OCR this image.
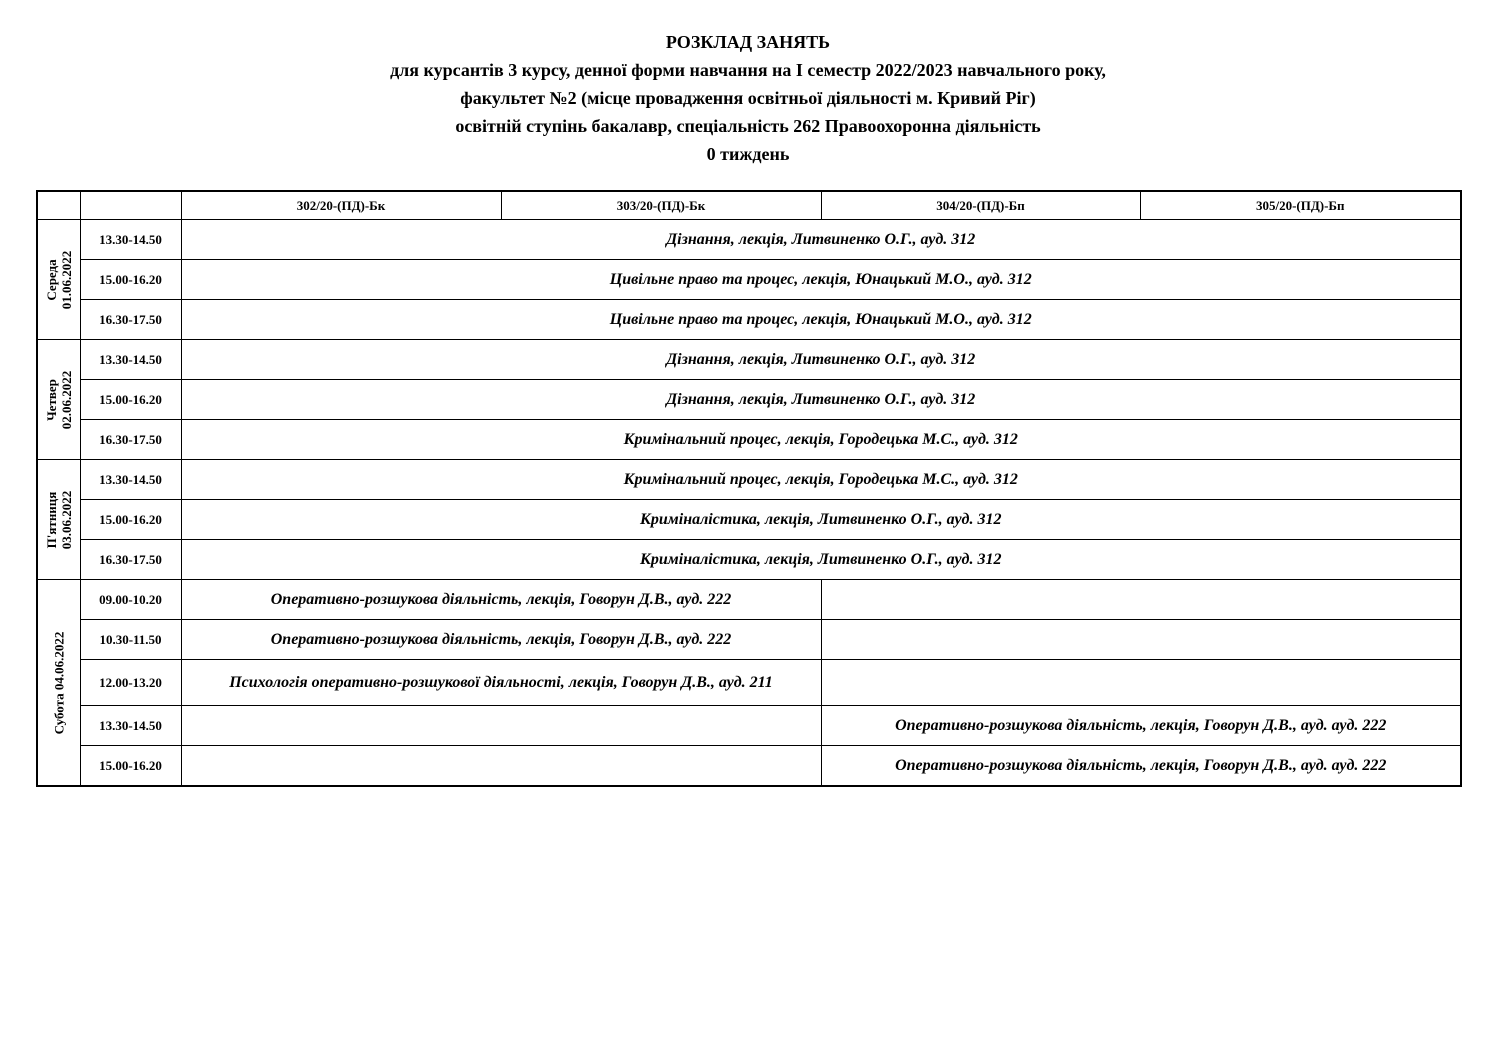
РОЗКЛАД ЗАНЯТЬ
для курсантів 3 курсу, денної форми навчання на І семестр 2022/2023 навчального року,
факультет №2 (місце провадження освітньої діяльності м. Кривий Ріг)
освітній ступінь бакалавр, спеціальність 262 Правоохоронна діяльність
0 тиждень
		302/20-(ПД)-Бк	303/20-(ПД)-Бк	304/20-(ПД)-Бп	305/20-(ПД)-Бп

Середа 01.06.2022	13.30-14.50	Дізнання, лекція, Литвиненко О.Г., ауд. 312			
	15.00-16.20	Цивільне право та процес, лекція, Юнацький М.О., ауд. 312			
	16.30-17.50	Цивільне право та процес, лекція, Юнацький М.О., ауд. 312			

Четвер 02.06.2022	13.30-14.50	Дізнання, лекція, Литвиненко О.Г., ауд. 312			
	15.00-16.20	Дізнання, лекція, Литвиненко О.Г., ауд. 312			
	16.30-17.50	Кримінальний процес, лекція, Городецька М.С., ауд. 312			

П'ятниця 03.06.2022	13.30-14.50	Кримінальний процес, лекція, Городецька М.С., ауд. 312			
	15.00-16.20	Криміналістика, лекція, Литвиненко О.Г., ауд. 312			
	16.30-17.50	Криміналістика, лекція, Литвиненко О.Г., ауд. 312			

Субота 04.06.2022	09.00-10.20	Оперативно-розшукова діяльність, лекція, Говорун Д.В., ауд. 222			
	10.30-11.50	Оперативно-розшукова діяльність, лекція, Говорун Д.В., ауд. 222			
	12.00-13.20	Психологія оперативно-розшукової діяльності, лекція, Говорун Д.В., ауд. 211			
	13.30-14.50			Оперативно-розшукова діяльність, лекція, Говорун Д.В., ауд. ауд. 222	
	15.00-16.20			Оперативно-розшукова діяльність, лекція, Говорун Д.В., ауд. ауд. 222	
